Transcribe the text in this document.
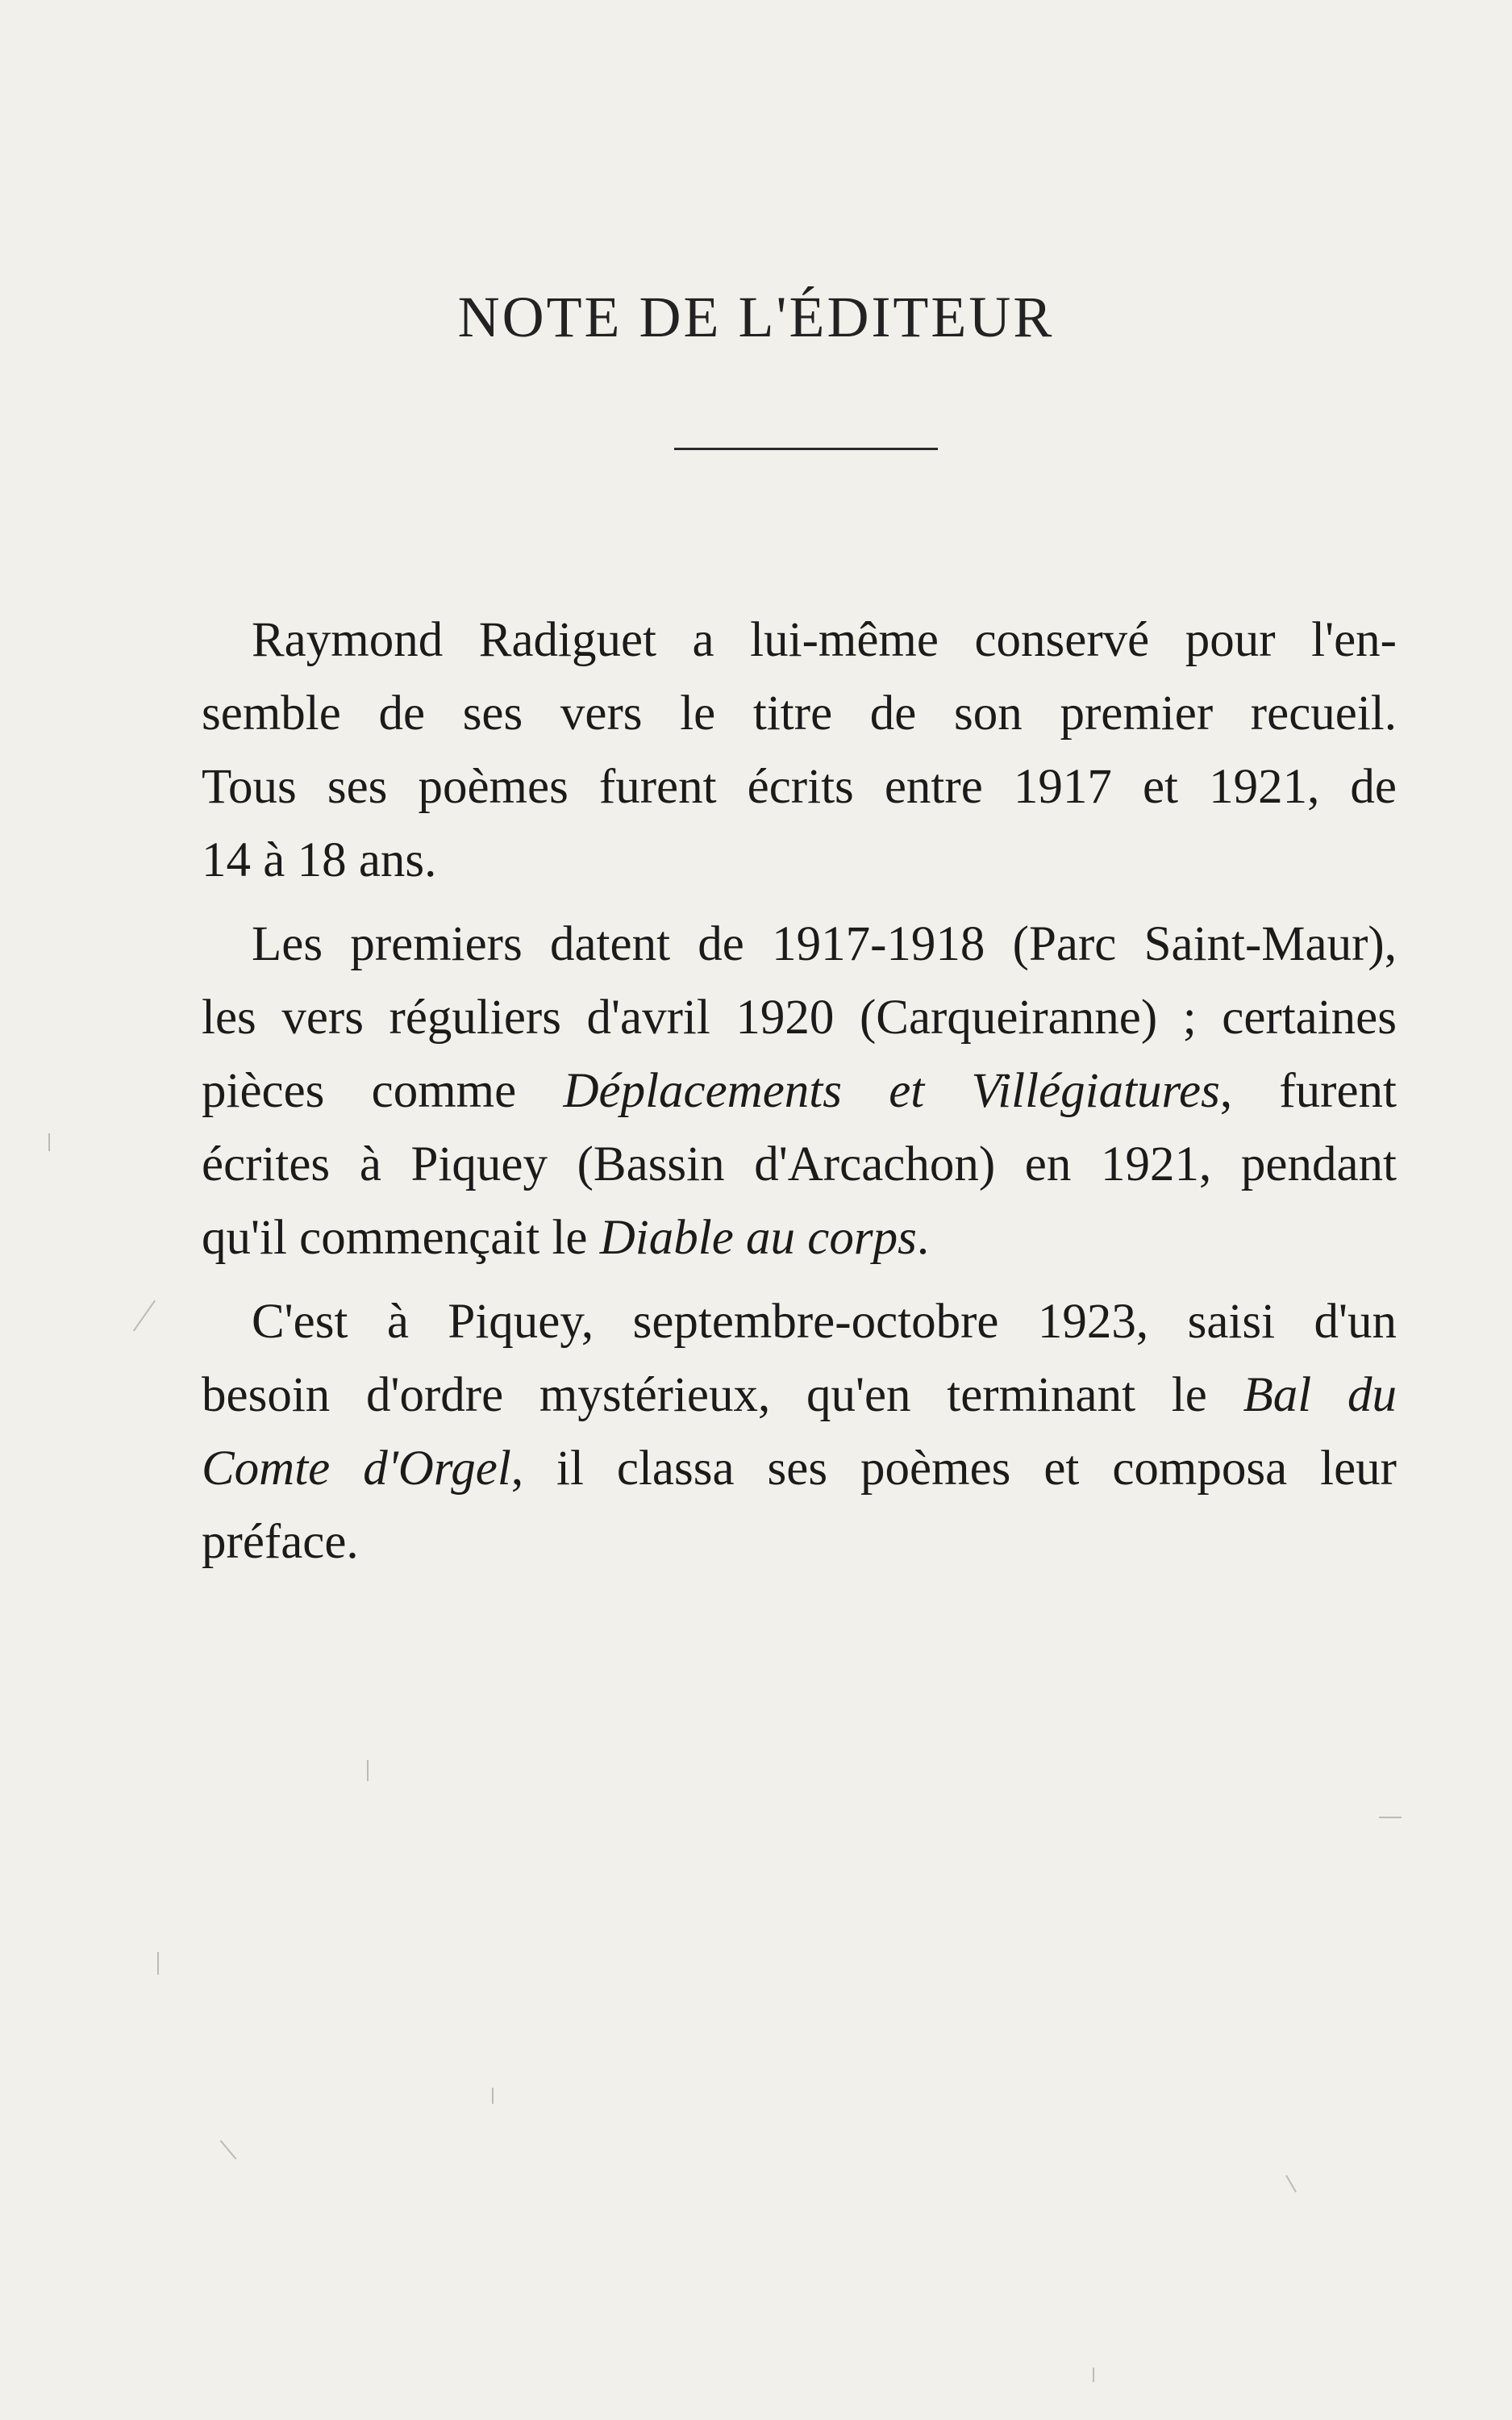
NOTE DE L'ÉDITEUR

Raymond Radiguet a lui-même conservé pour l'en-
semble de ses vers le titre de son premier recueil.
Tous ses poèmes furent écrits entre 1917 et 1921, de
14 à 18 ans.

Les premiers datent de 1917-1918 (Parc Saint-Maur),
les vers réguliers d'avril 1920 (Carqueiranne) ; certaines
pièces comme Déplacements et Villégiatures, furent
écrites à Piquey (Bassin d'Arcachon) en 1921, pendant
qu'il commençait le Diable au corps.

C'est à Piquey, septembre-octobre 1923, saisi d'un
besoin d'ordre mystérieux, qu'en terminant le Bal du
Comte d'Orgel, il classa ses poèmes et composa leur
préface.
